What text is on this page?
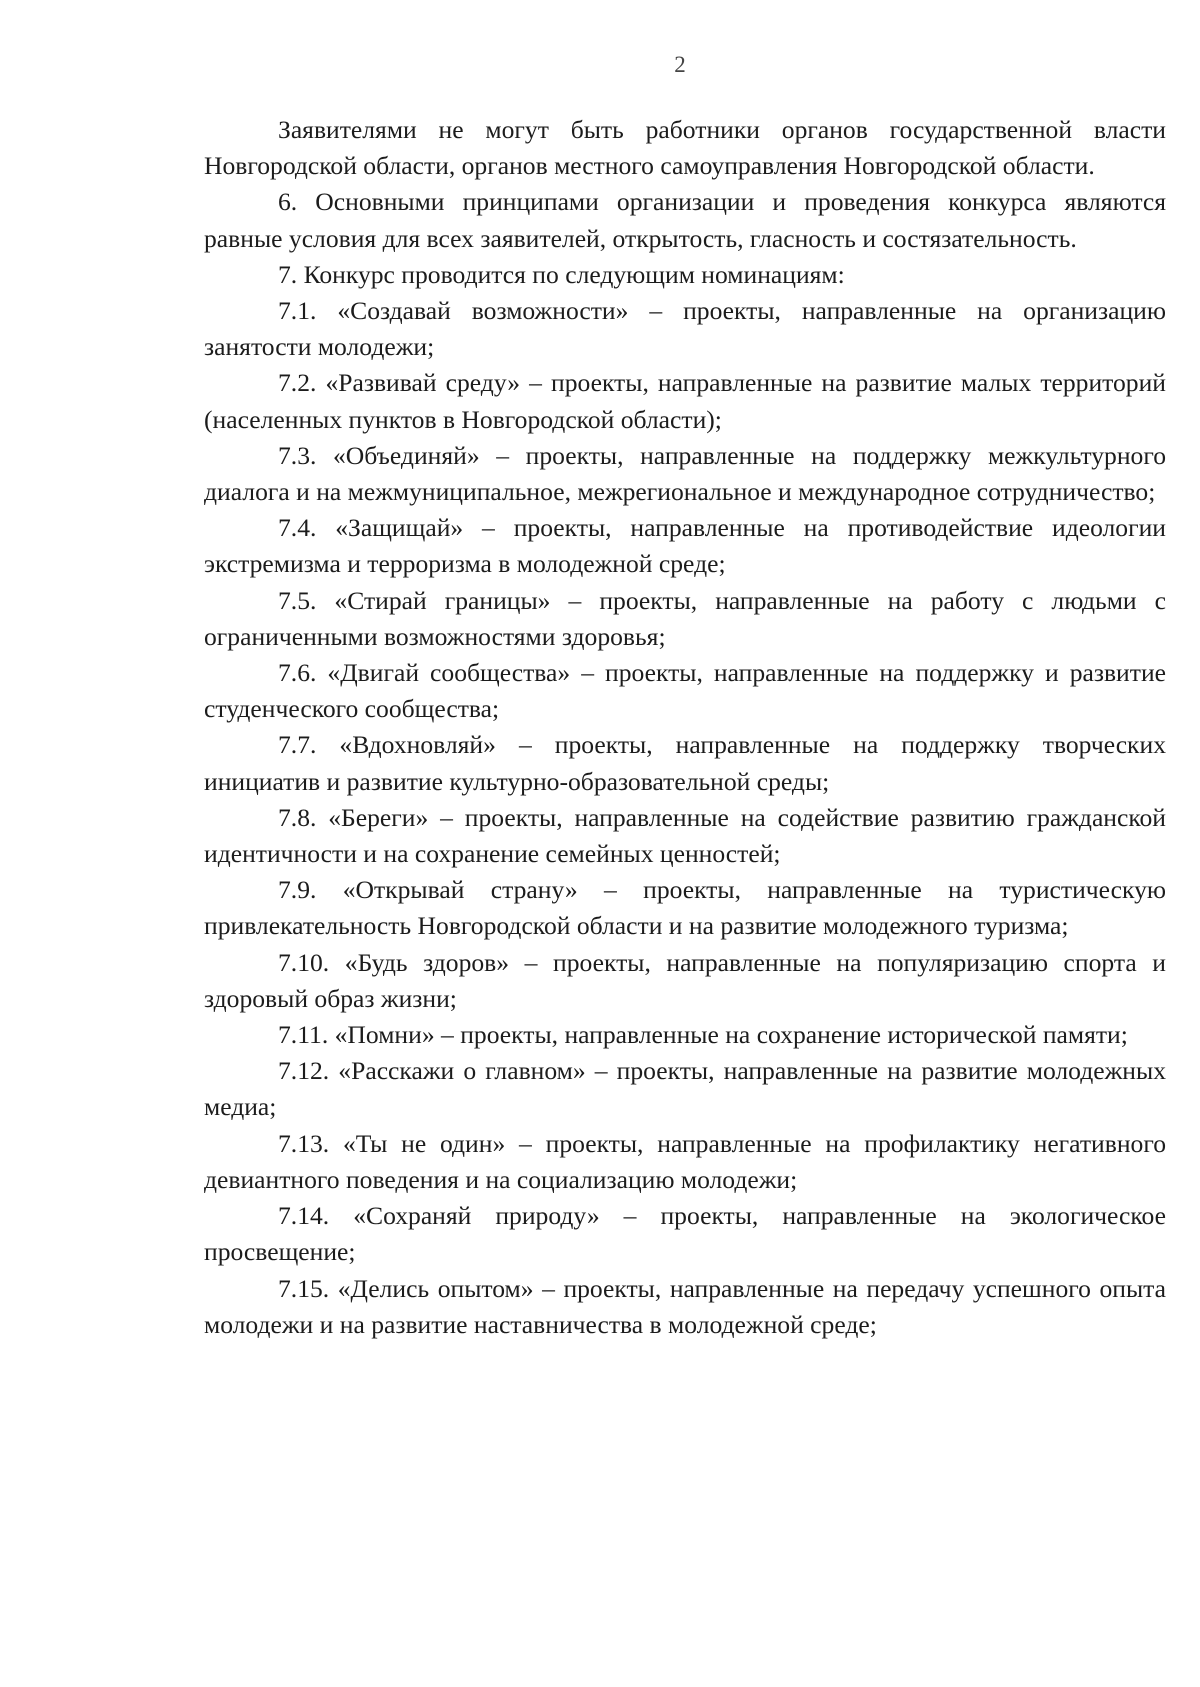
2

Заявителями не могут быть работники органов государственной власти Новгородской области, органов местного самоуправления Новгородской области.

6. Основными принципами организации и проведения конкурса являются равные условия для всех заявителей, открытость, гласность и состязательность.

7. Конкурс проводится по следующим номинациям:

7.1. «Создавай возможности» – проекты, направленные на организацию занятости молодежи;

7.2. «Развивай среду» – проекты, направленные на развитие малых территорий (населенных пунктов в Новгородской области);

7.3. «Объединяй» – проекты, направленные на поддержку межкультурного диалога и на межмуниципальное, межрегиональное и международное сотрудничество;

7.4. «Защищай» – проекты, направленные на противодействие идеологии экстремизма и терроризма в молодежной среде;

7.5. «Стирай границы» – проекты, направленные на работу с людьми с ограниченными возможностями здоровья;

7.6. «Двигай сообщества» – проекты, направленные на поддержку и развитие студенческого сообщества;

7.7. «Вдохновляй» – проекты, направленные на поддержку творческих инициатив и развитие культурно-образовательной среды;

7.8. «Береги» – проекты, направленные на содействие развитию гражданской идентичности и на сохранение семейных ценностей;

7.9. «Открывай страну» – проекты, направленные на туристическую привлекательность Новгородской области и на развитие молодежного туризма;

7.10. «Будь здоров» – проекты, направленные на популяризацию спорта и здоровый образ жизни;

7.11. «Помни» – проекты, направленные на сохранение исторической памяти;

7.12. «Расскажи о главном» – проекты, направленные на развитие молодежных медиа;

7.13. «Ты не один» – проекты, направленные на профилактику негативного девиантного поведения и на социализацию молодежи;

7.14. «Сохраняй природу» – проекты, направленные на экологическое просвещение;

7.15. «Делись опытом» – проекты, направленные на передачу успешного опыта молодежи и на развитие наставничества в молодежной среде;
